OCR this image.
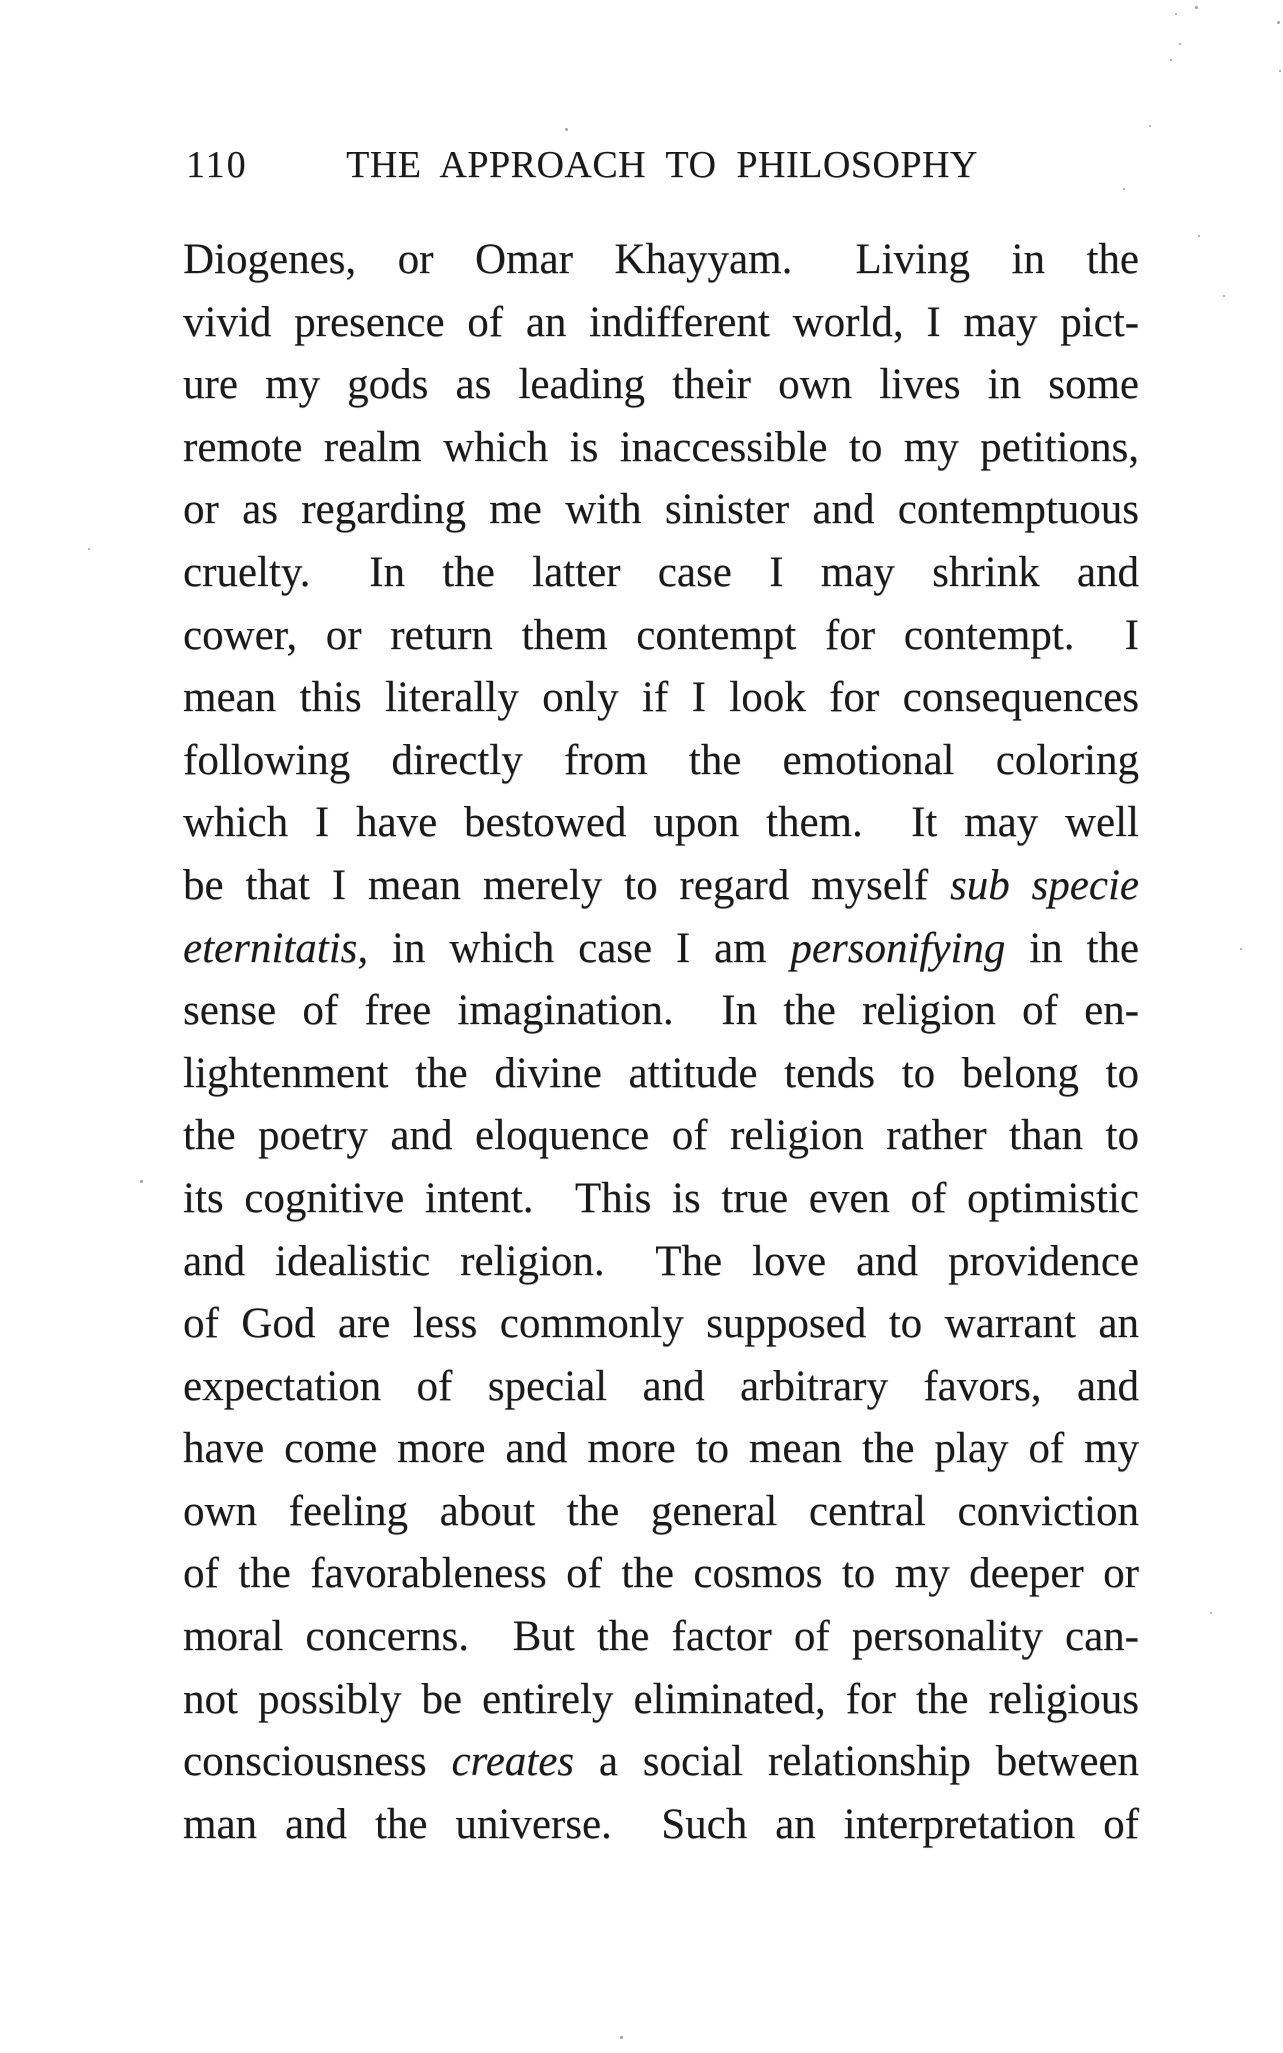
110	THE APPROACH TO PHILOSOPHY
Diogenes, or Omar Khayyam.  Living in the
vivid presence of an indifferent world, I may pict-
ure my gods as leading their own lives in some
remote realm which is inaccessible to my petitions,
or as regarding me with sinister and contemptuous
cruelty.  In the latter case I may shrink and
cower, or return them contempt for contempt.  I
mean this literally only if I look for consequences
following directly from the emotional coloring
which I have bestowed upon them.  It may well
be that I mean merely to regard myself sub specie
eternitatis, in which case I am personifying in the
sense of free imagination.  In the religion of en-
lightenment the divine attitude tends to belong to
the poetry and eloquence of religion rather than to
its cognitive intent.  This is true even of optimistic
and idealistic religion.  The love and providence
of God are less commonly supposed to warrant an
expectation of special and arbitrary favors, and
have come more and more to mean the play of my
own feeling about the general central conviction
of the favorableness of the cosmos to my deeper or
moral concerns.  But the factor of personality can-
not possibly be entirely eliminated, for the religious
consciousness creates a social relationship between
man and the universe.  Such an interpretation of
